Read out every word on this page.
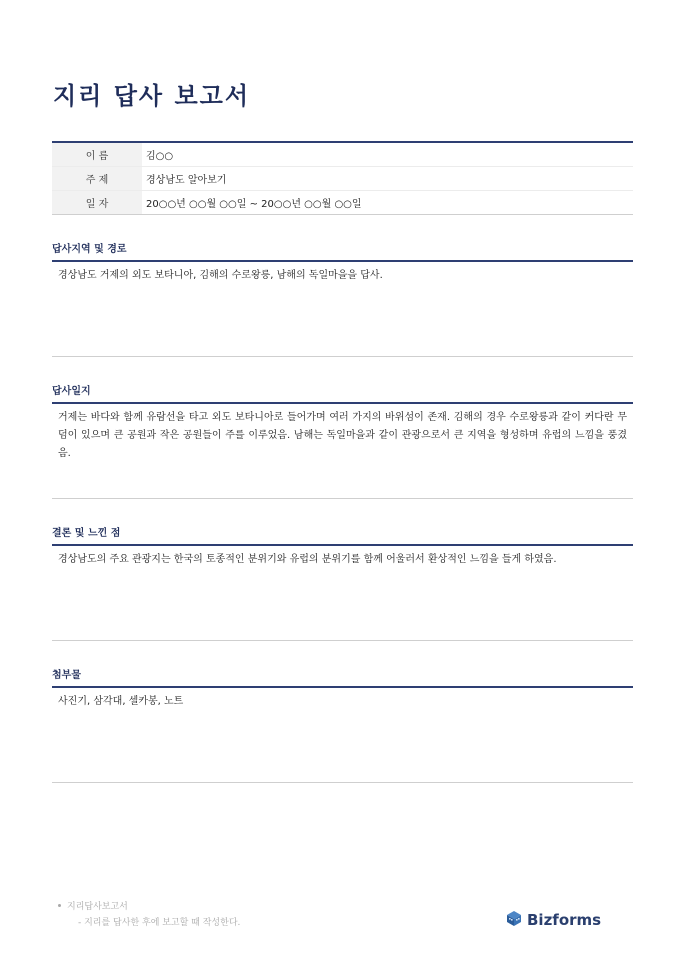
지리 답사 보고서
이 름	김○○
주 제	경상남도 알아보기
일 자	20○○년 ○○월 ○○일 ~ 20○○년 ○○월 ○○일
답사지역 및 경로
경상남도 거제의 외도 보타니아, 김해의 수로왕릉, 남해의 독일마을을 답사.
답사일지
거제는 바다와 함께 유람선을 타고 외도 보타니아로 들어가며 여러 가지의 바위섬이 존재. 김해의 경우 수로왕릉과 같이 커다란 무덤이 있으며 큰 공원과 작은 공원들이 주를 이루었음. 남해는 독일마을과 같이 관광으로서 큰 지역을 형성하며 유럽의 느낌을 풍겼음.
결론 및 느낀 점
경상남도의 주요 관광지는 한국의 토종적인 분위기와 유럽의 분위기를 함께 어울러서 환상적인 느낌을 들게 하였음.
첨부물
사진기, 삼각대, 셀카봉, 노트
지리답사보고서
- 지리를 답사한 후에 보고할 때 작성한다.	Bizforms
